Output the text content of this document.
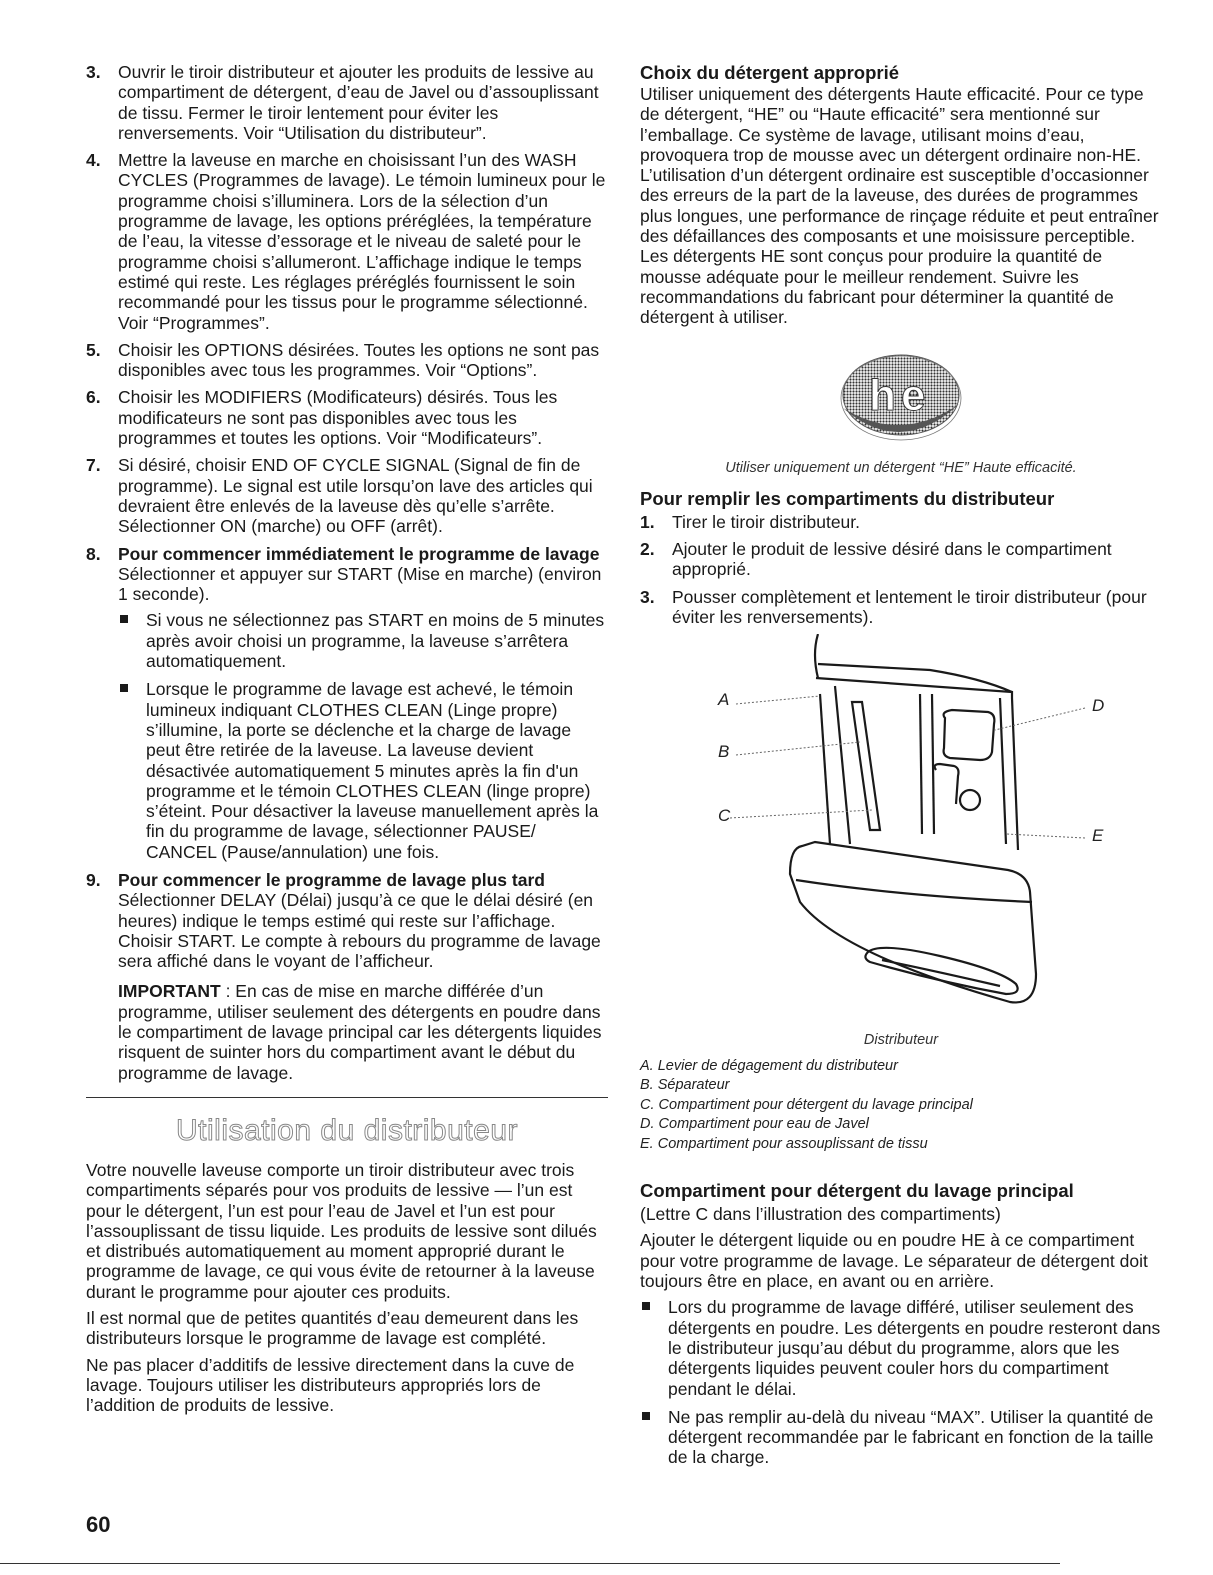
3. Ouvrir le tiroir distributeur et ajouter les produits de lessive au compartiment de détergent, d’eau de Javel ou d’assouplissant de tissu. Fermer le tiroir lentement pour éviter les renversements. Voir “Utilisation du distributeur”.
4. Mettre la laveuse en marche en choisissant l’un des WASH CYCLES (Programmes de lavage). Le témoin lumineux pour le programme choisi s’illuminera. Lors de la sélection d’un programme de lavage, les options préréglées, la température de l’eau, la vitesse d’essorage et le niveau de saleté pour le programme choisi s’allumeront. L’affichage indique le temps estimé qui reste. Les réglages préréglés fournissent le soin recommandé pour les tissus pour le programme sélectionné. Voir “Programmes”.
5. Choisir les OPTIONS désirées. Toutes les options ne sont pas disponibles avec tous les programmes. Voir “Options”.
6. Choisir les MODIFIERS (Modificateurs) désirés. Tous les modificateurs ne sont pas disponibles avec tous les programmes et toutes les options. Voir “Modificateurs”.
7. Si désiré, choisir END OF CYCLE SIGNAL (Signal de fin de programme). Le signal est utile lorsqu’on lave des articles qui devraient être enlevés de la laveuse dès qu’elle s’arrête. Sélectionner ON (marche) ou OFF (arrêt).
8. Pour commencer immédiatement le programme de lavage
Sélectionner et appuyer sur START (Mise en marche) (environ 1 seconde).
Si vous ne sélectionnez pas START en moins de 5 minutes après avoir choisi un programme, la laveuse s’arrêtera automatiquement.
Lorsque le programme de lavage est achevé, le témoin lumineux indiquant CLOTHES CLEAN (Linge propre) s’illumine, la porte se déclenche et la charge de lavage peut être retirée de la laveuse. La laveuse devient désactivée automatiquement 5 minutes après la fin d'un programme et le témoin CLOTHES CLEAN (linge propre) s’éteint. Pour désactiver la laveuse manuellement après la fin du programme de lavage, sélectionner PAUSE/ CANCEL (Pause/annulation) une fois.
9. Pour commencer le programme de lavage plus tard
Sélectionner DELAY (Délai) jusqu’à ce que le délai désiré (en heures) indique le temps estimé qui reste sur l’affichage. Choisir START. Le compte à rebours du programme de lavage sera affiché dans le voyant de l’afficheur.
IMPORTANT : En cas de mise en marche différée d’un programme, utiliser seulement des détergents en poudre dans le compartiment de lavage principal car les détergents liquides risquent de suinter hors du compartiment avant le début du programme de lavage.
Utilisation du distributeur

Votre nouvelle laveuse comporte un tiroir distributeur avec trois compartiments séparés pour vos produits de lessive — l’un est pour le détergent, l’un est pour l’eau de Javel et l’un est pour l’assouplissant de tissu liquide. Les produits de lessive sont dilués et distribués automatiquement au moment approprié durant le programme de lavage, ce qui vous évite de retourner à la laveuse durant le programme pour ajouter ces produits.

Il est normal que de petites quantités d’eau demeurent dans les distributeurs lorsque le programme de lavage est complété.

Ne pas placer d’additifs de lessive directement dans la cuve de lavage. Toujours utiliser les distributeurs appropriés lors de l’addition de produits de lessive.

Choix du détergent approprié

Utiliser uniquement des détergents Haute efficacité. Pour ce type de détergent, “HE” ou “Haute efficacité” sera mentionné sur l’emballage. Ce système de lavage, utilisant moins d’eau, provoquera trop de mousse avec un détergent ordinaire non-HE. L’utilisation d’un détergent ordinaire est susceptible d’occasionner des erreurs de la part de la laveuse, des durées de programmes plus longues, une performance de rinçage réduite et peut entraîner des défaillances des composants et une moisissure perceptible. Les détergents HE sont conçus pour produire la quantité de mousse adéquate pour le meilleur rendement. Suivre les recommandations du fabricant pour déterminer la quantité de détergent à utiliser.

h e
Utiliser uniquement un détergent “HE” Haute efficacité.
Pour remplir les compartiments du distributeur
1. Tirer le tiroir distributeur.
2. Ajouter le produit de lessive désiré dans le compartiment approprié.
3. Pousser complètement et lentement le tiroir distributeur (pour éviter les renversements).
A
B
C
D
E
Distributeur
A. Levier de dégagement du distributeur
B. Séparateur
C. Compartiment pour détergent du lavage principal
D. Compartiment pour eau de Javel
E. Compartiment pour assouplissant de tissu
Compartiment pour détergent du lavage principal

(Lettre C dans l’illustration des compartiments)

Ajouter le détergent liquide ou en poudre HE à ce compartiment pour votre programme de lavage. Le séparateur de détergent doit toujours être en place, en avant ou en arrière.

Lors du programme de lavage différé, utiliser seulement des détergents en poudre. Les détergents en poudre resteront dans le distributeur jusqu’au début du programme, alors que les détergents liquides peuvent couler hors du compartiment pendant le délai.
Ne pas remplir au-delà du niveau “MAX”. Utiliser la quantité de détergent recommandée par le fabricant en fonction de la taille de la charge.
60
